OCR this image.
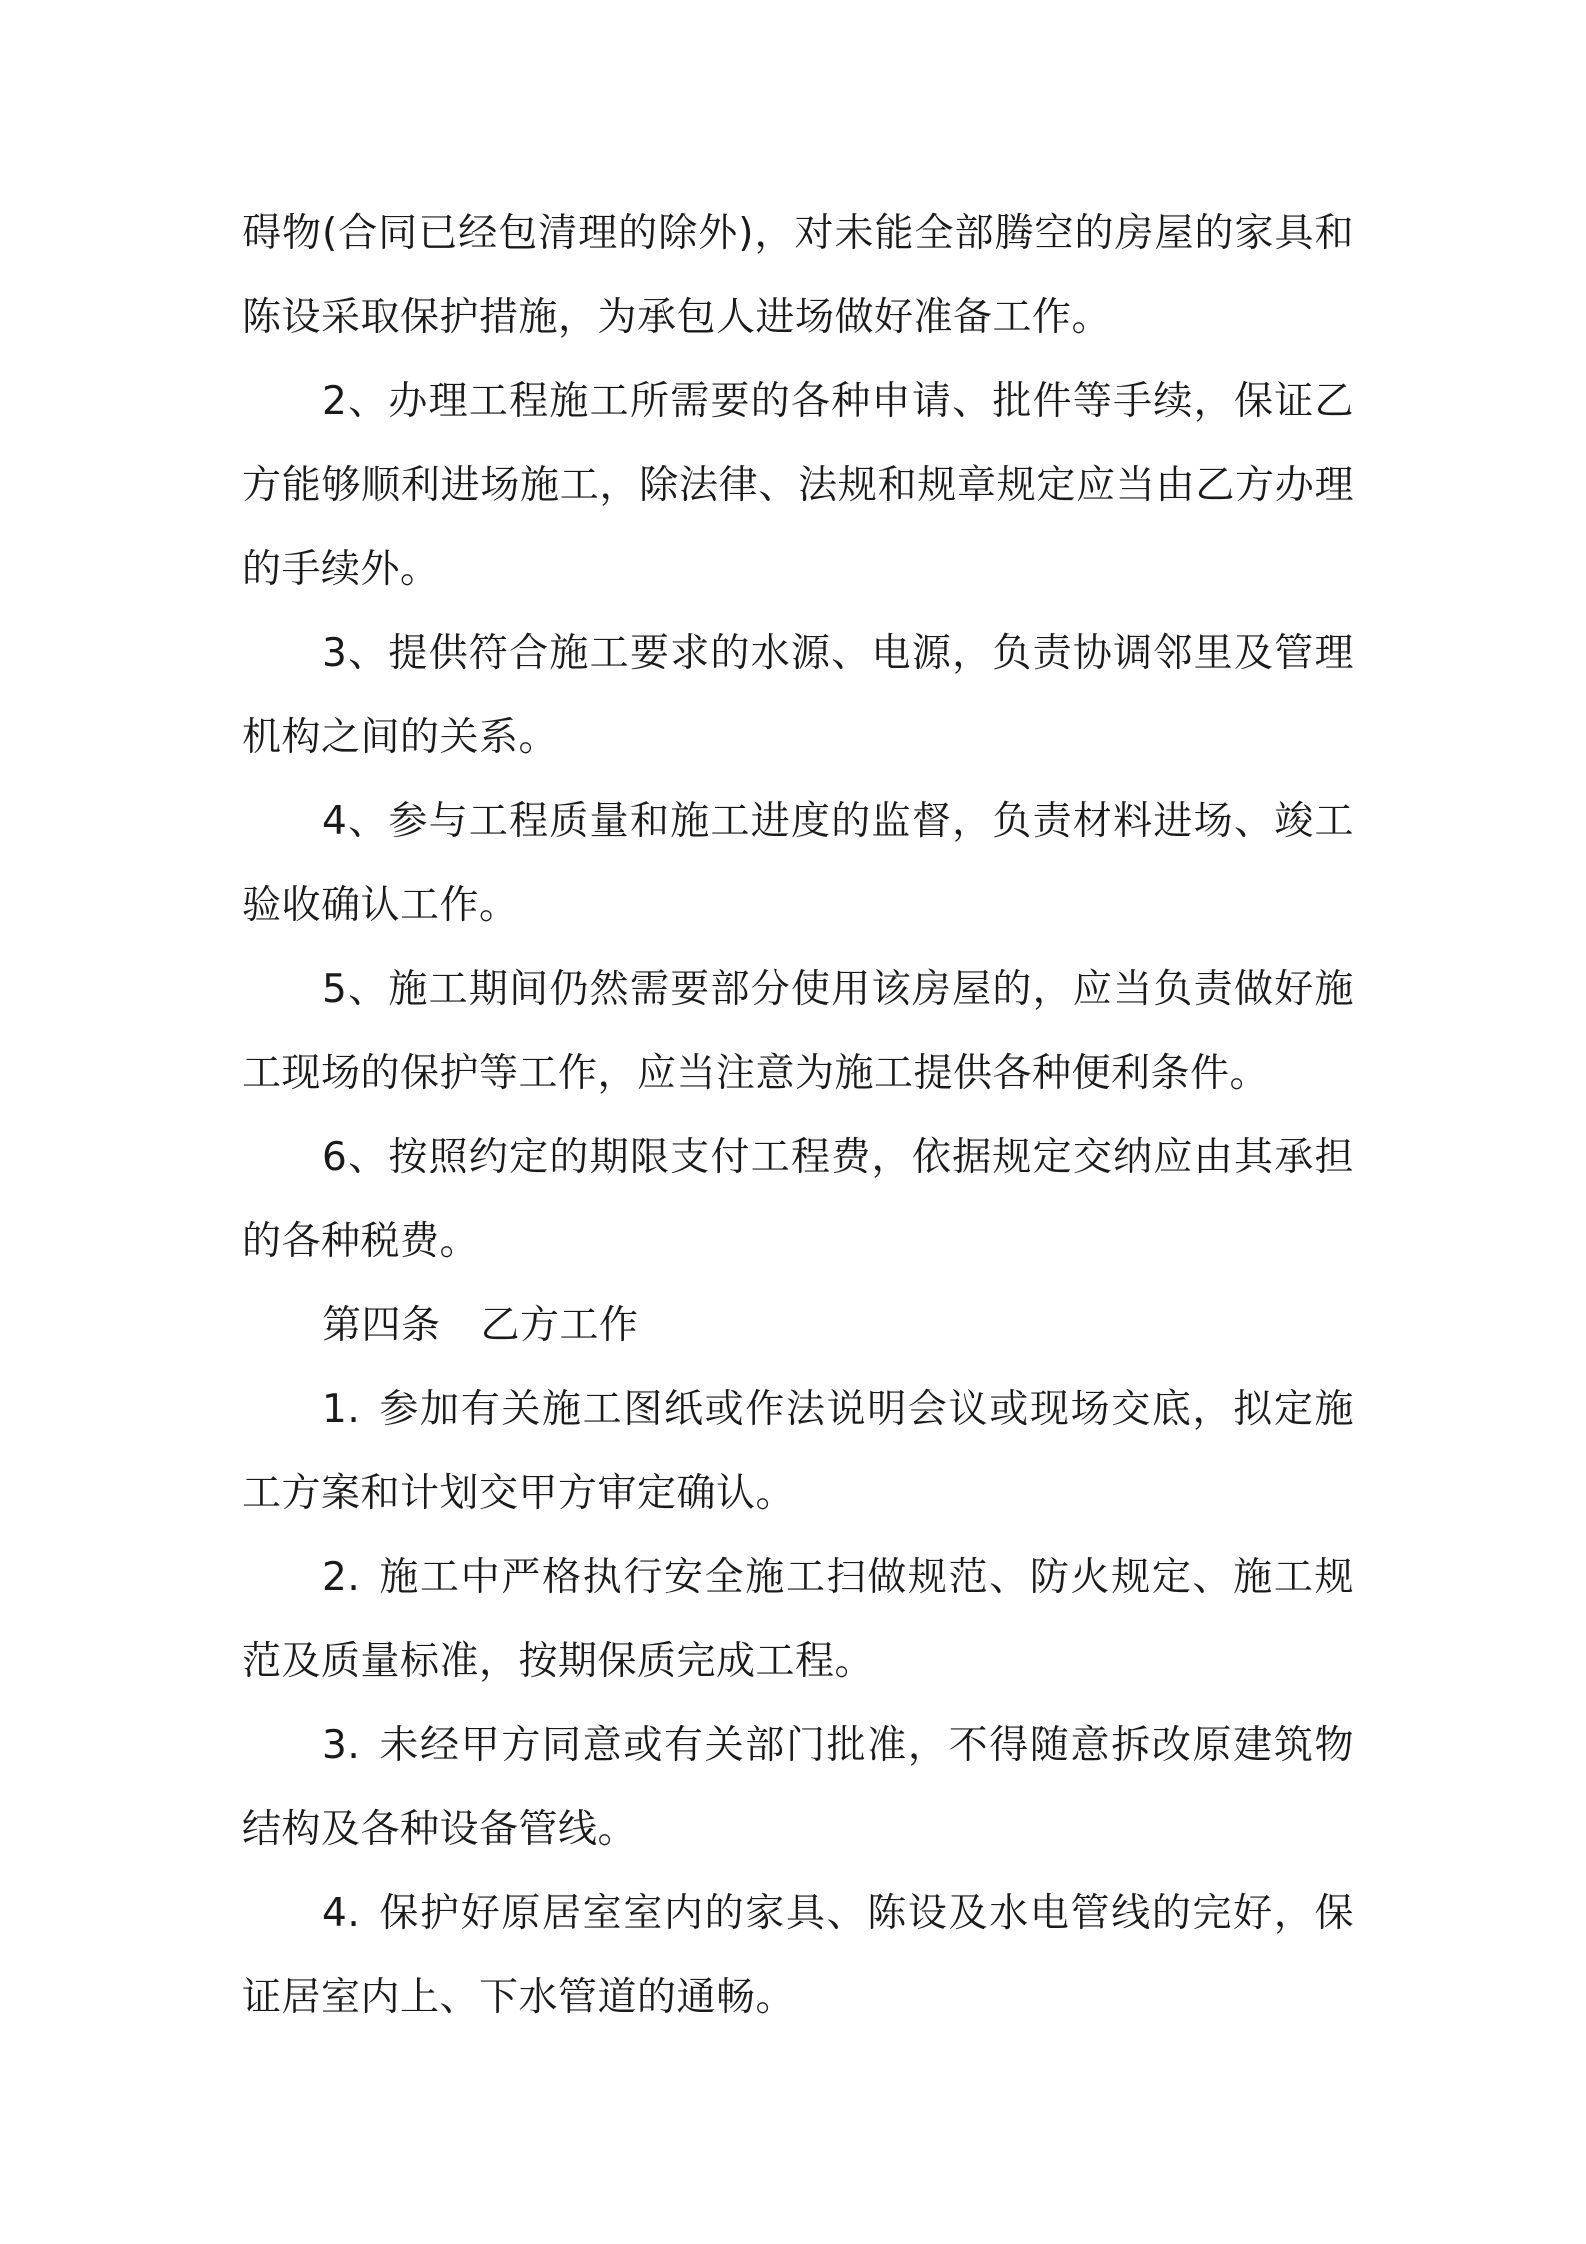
碍物(合同已经包清理的除外)，对未能全部腾空的房屋的家具和陈设采取保护措施，为承包人进场做好准备工作。

2、办理工程施工所需要的各种申请、批件等手续，保证乙方能够顺利进场施工，除法律、法规和规章规定应当由乙方办理的手续外。

3、提供符合施工要求的水源、电源，负责协调邻里及管理机构之间的关系。

4、参与工程质量和施工进度的监督，负责材料进场、竣工验收确认工作。

5、施工期间仍然需要部分使用该房屋的，应当负责做好施工现场的保护等工作，应当注意为施工提供各种便利条件。

6、按照约定的期限支付工程费，依据规定交纳应由其承担的各种税费。

第四条 乙方工作

1. 参加有关施工图纸或作法说明会议或现场交底，拟定施工方案和计划交甲方审定确认。

2. 施工中严格执行安全施工扫做规范、防火规定、施工规范及质量标准，按期保质完成工程。

3. 未经甲方同意或有关部门批准，不得随意拆改原建筑物结构及各种设备管线。

4. 保护好原居室室内的家具、陈设及水电管线的完好，保证居室内上、下水管道的通畅。
